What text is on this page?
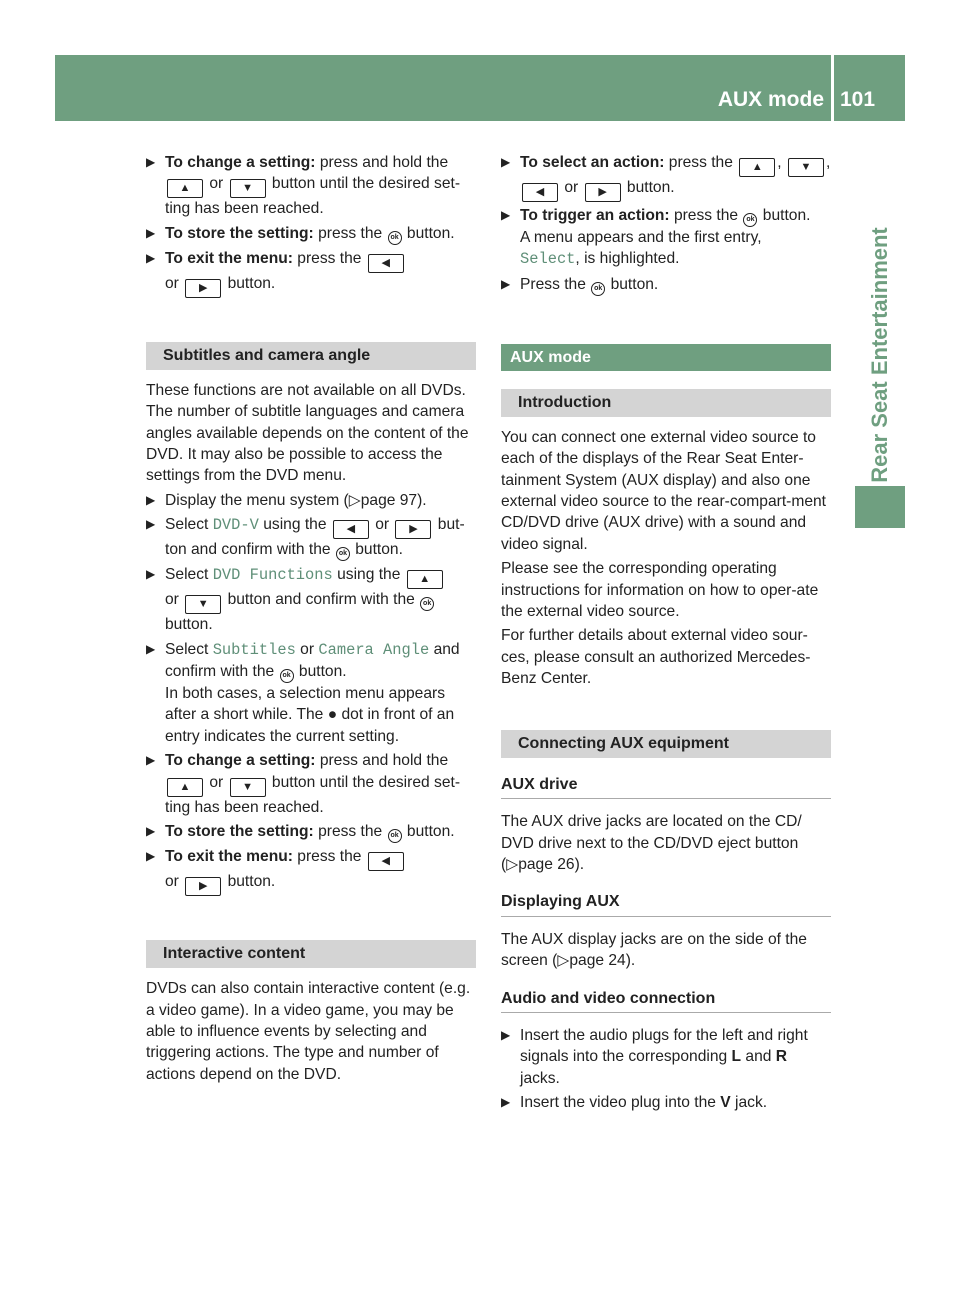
AUX mode 101
Rear Seat Entertainment
▶ To change a setting: press and hold the
▲ or ▼ button until the desired set-ting has been reached.
▶ To store the setting: press the ok button.
▶ To exit the menu: press the ◀
or ▶ button.
Subtitles and camera angle

These functions are not available on all DVDs. The number of subtitle languages and camera angles available depends on the content of the DVD. It may also be possible to access the settings from the DVD menu.

▶ Display the menu system (▷page 97).
▶ Select DVD-V using the ◀ or ▶ but-ton and confirm with the ok button.
▶ Select DVD Functions using the ▲
or ▼ button and confirm with the ok
button.
▶ Select Subtitles or Camera Angle and confirm with the ok button.
In both cases, a selection menu appears after a short while. The ● dot in front of an entry indicates the current setting.
▶ To change a setting: press and hold the
▲ or ▼ button until the desired set-ting has been reached.
▶ To store the setting: press the ok button.
▶ To exit the menu: press the ◀
or ▶ button.
Interactive content

DVDs can also contain interactive content (e.g. a video game). In a video game, you may be able to influence events by selecting and triggering actions. The type and number of actions depend on the DVD.

▶ To select an action: press the ▲ , ▼ ,
◀ or ▶ button.
▶ To trigger an action: press the ok button.
A menu appears and the first entry,
Select, is highlighted.
▶ Press the ok button.
AUX mode
Introduction

You can connect one external video source to each of the displays of the Rear Seat Enter-tainment System (AUX display) and also one external video source to the rear-compart-ment CD/DVD drive (AUX drive) with a sound and video signal.

Please see the corresponding operating instructions for information on how to oper-ate the external video source.

For further details about external video sour-ces, please consult an authorized Mercedes-Benz Center.

Connecting AUX equipment
AUX drive

The AUX drive jacks are located on the CD/ DVD drive next to the CD/DVD eject button (▷page 26).

Displaying AUX

The AUX display jacks are on the side of the screen (▷page 24).

Audio and video connection
▶ Insert the audio plugs for the left and right signals into the corresponding L and R
jacks.
▶ Insert the video plug into the V jack.
